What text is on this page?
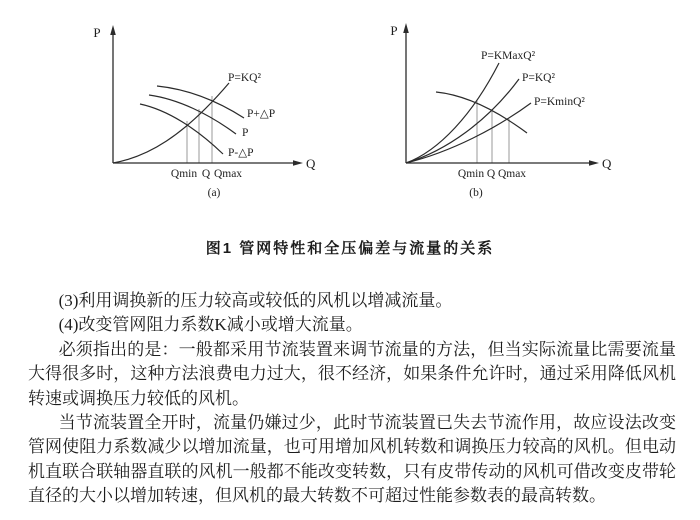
P
Q
P=KQ²
P+△P
P
P-△P
Qmin Q Qmax
(a)
P
Q
P=KMaxQ²
P=KQ²
P=KminQ²
Qmin Q Qmax
(b)
图1 管网特性和全压偏差与流量的关系

(3)利用调换新的压力较高或较低的风机以增减流量。

(4)改变管网阻力系数K减小或增大流量。

必须指出的是：一般都采用节流装置来调节流量的方法，但当实际流量比需要流量大得很多时，这种方法浪费电力过大，很不经济，如果条件允许时，通过采用降低风机转速或调换压力较低的风机。

当节流装置全开时，流量仍嫌过少，此时节流装置已失去节流作用，故应设法改变管网使阻力系数减少以增加流量，也可用增加风机转数和调换压力较高的风机。但电动机直联合联轴器直联的风机一般都不能改变转数，只有皮带传动的风机可借改变皮带轮直径的大小以增加转速，但风机的最大转数不可超过性能参数表的最高转数。
